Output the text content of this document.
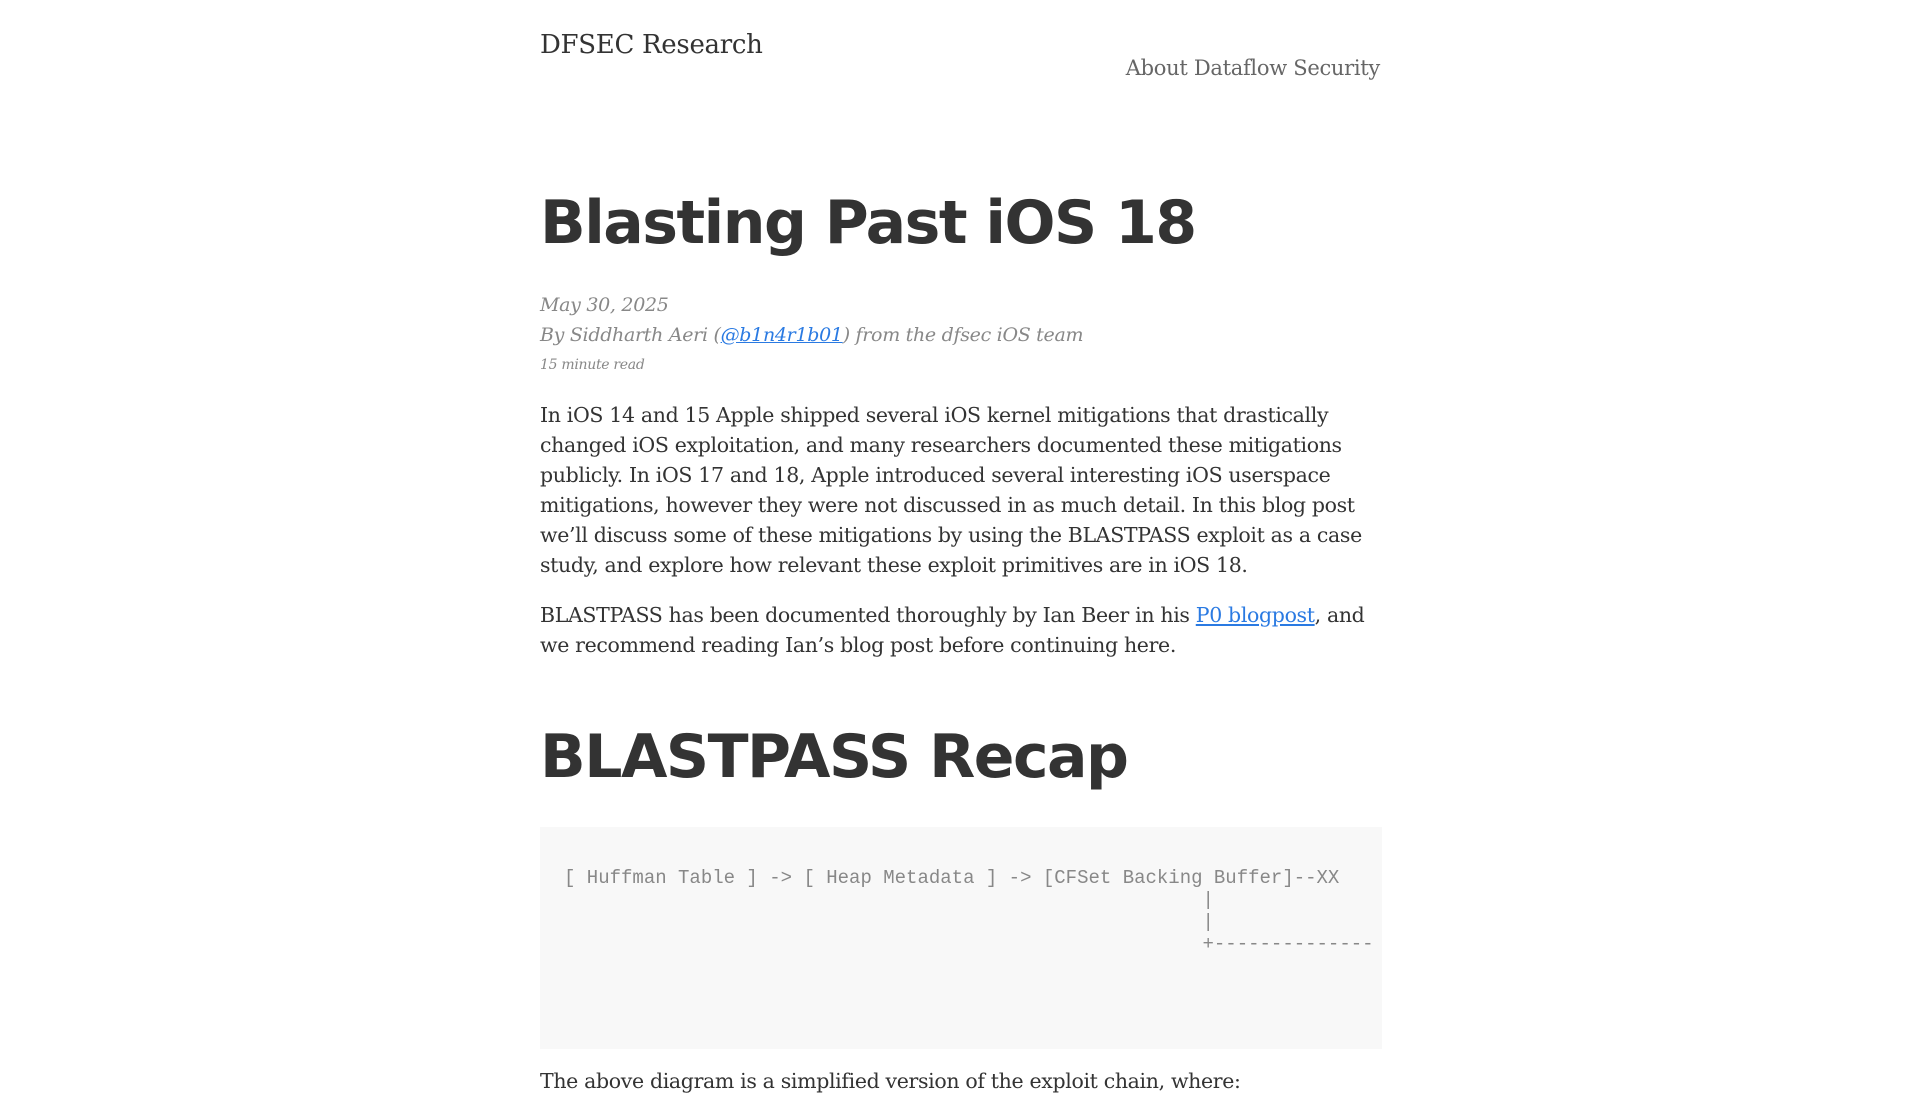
DFSEC Research
About Dataflow Security
Blasting Past iOS 18
May 30, 2025
By Siddharth Aeri (@b1n4r1b01) from the dfsec iOS team
15 minute read

In iOS 14 and 15 Apple shipped several iOS kernel mitigations that drastically changed iOS exploitation, and many researchers documented these mitigations publicly. In iOS 17 and 18, Apple introduced several interesting iOS userspace mitigations, however they were not discussed in as much detail. In this blog post we’ll discuss some of these mitigations by using the BLASTPASS exploit as a case study, and explore how relevant these exploit primitives are in iOS 18.

BLASTPASS has been documented thoroughly by Ian Beer in his P0 blogpost, and we recommend reading Ian’s blog post before continuing here.

BLASTPASS Recap
[ Huffman Table ] -> [ Heap Metadata ] -> [CFSet Backing Buffer]--XX
|
|
+--------------

The above diagram is a simplified version of the exploit chain, where:
